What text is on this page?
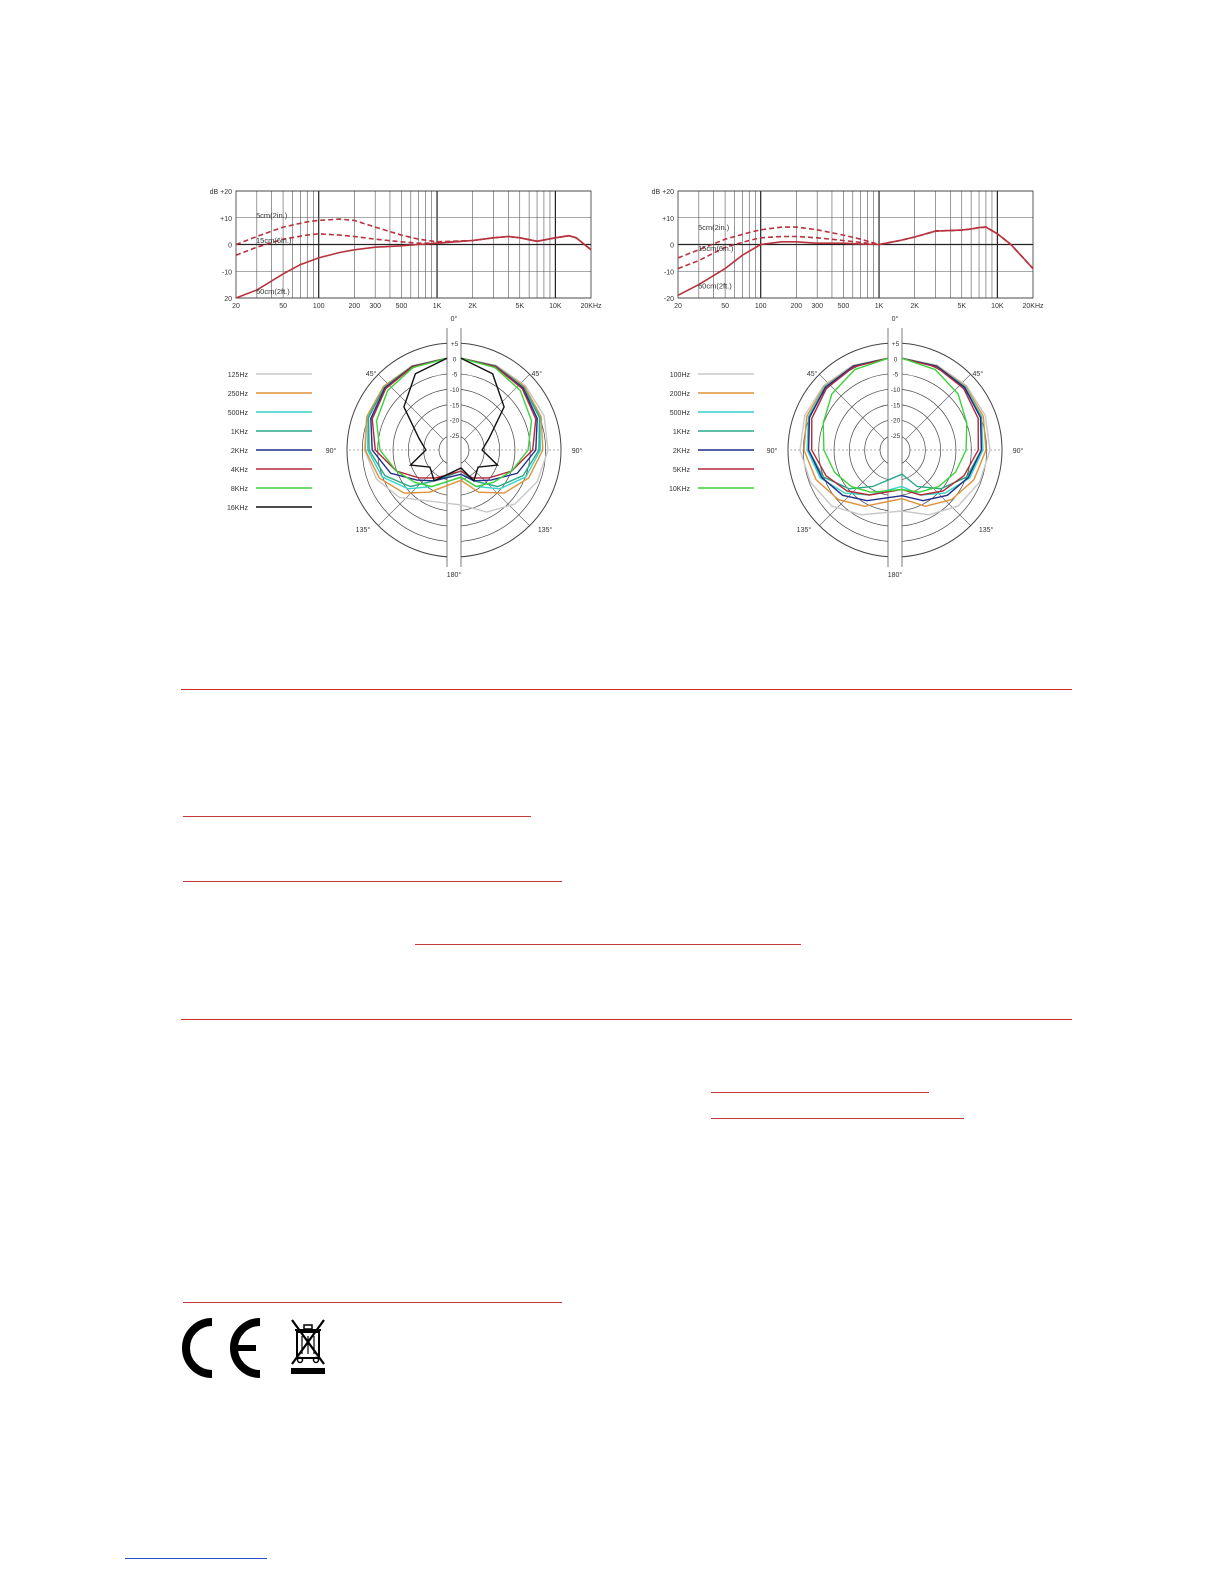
20	50	100	200 300 500	1K	2K	5K	10K	20KHz
dB +20
+10
0
-10
20
5cm(2in.)
15cm(6in.)
60cm(2ft.)
20	50	100	200 300 500	1K	2K	5K	10K	20KHz
dB +20
+10
0
-10
-20
5cm(2in.)
15cm(6in.)
60cm(2ft.)
+5
0
-5
-10
-15
-20
-25
0°
45°
90°
135°
180°
135°
90°
45°
125Hz
250Hz
500Hz
1KHz
2KHz
4KHz
8KHz
16KHz
+5
0
-5
-10
-15
-20
-25
0°
45°
90°
135°
180°
135°
90°
45°
100Hz
200Hz
500Hz
1KHz
2KHz
5KHz
10KHz
